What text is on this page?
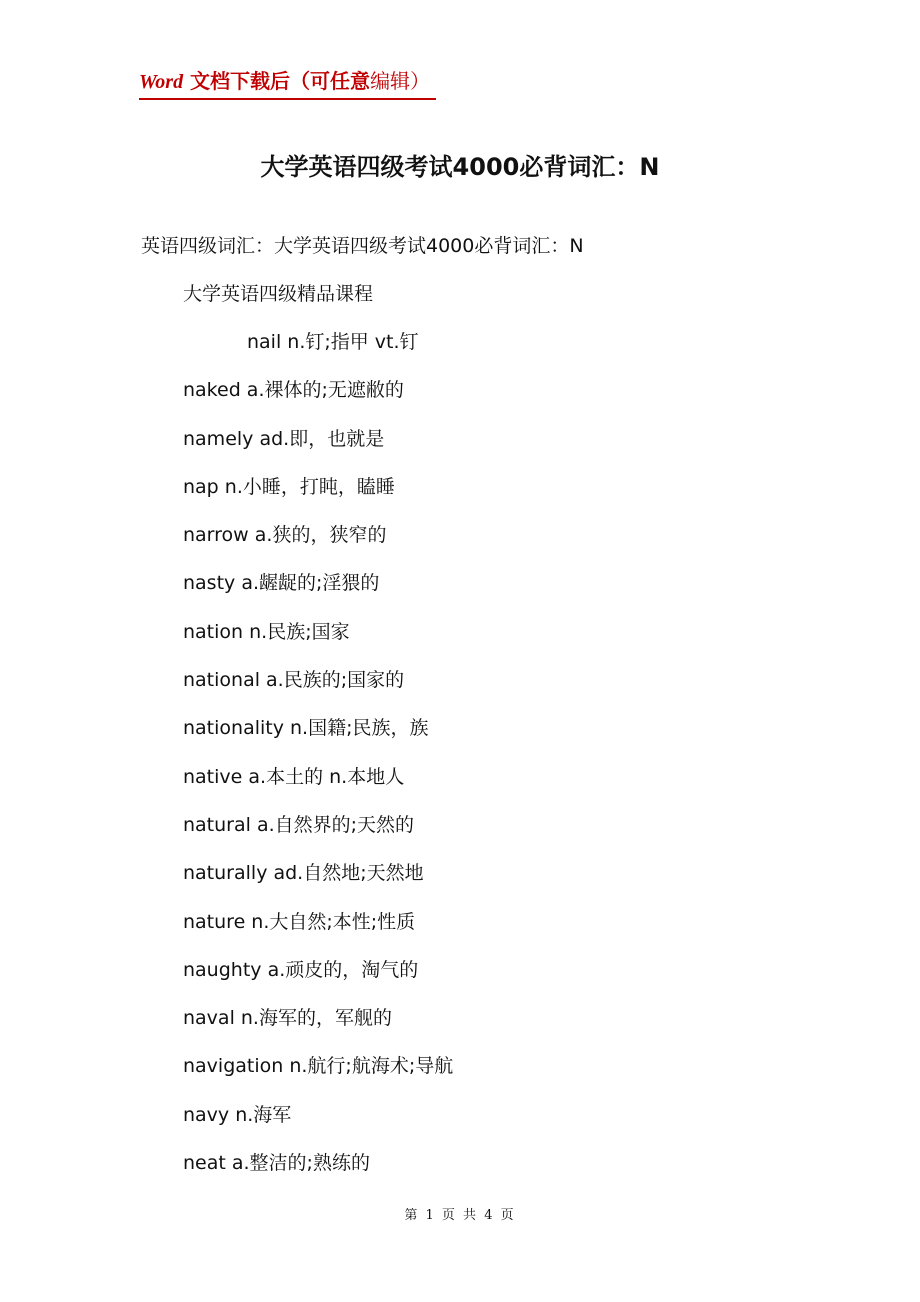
Word 文档下载后（可任意编辑）
大学英语四级考试4000必背词汇：N
英语四级词汇：大学英语四级考试4000必背词汇：N
大学英语四级精品课程
nail n.钉;指甲 vt.钉
naked a.裸体的;无遮敝的
namely ad.即，也就是
nap n.小睡，打盹，瞌睡
narrow a.狭的，狭窄的
nasty a.龌龊的;淫猥的
nation n.民族;国家
national a.民族的;国家的
nationality n.国籍;民族，族
native a.本土的 n.本地人
natural a.自然界的;天然的
naturally ad.自然地;天然地
nature n.大自然;本性;性质
naughty a.顽皮的，淘气的
naval n.海军的，军舰的
navigation n.航行;航海术;导航
navy n.海军
neat a.整洁的;熟练的
第 1 页 共 4 页
